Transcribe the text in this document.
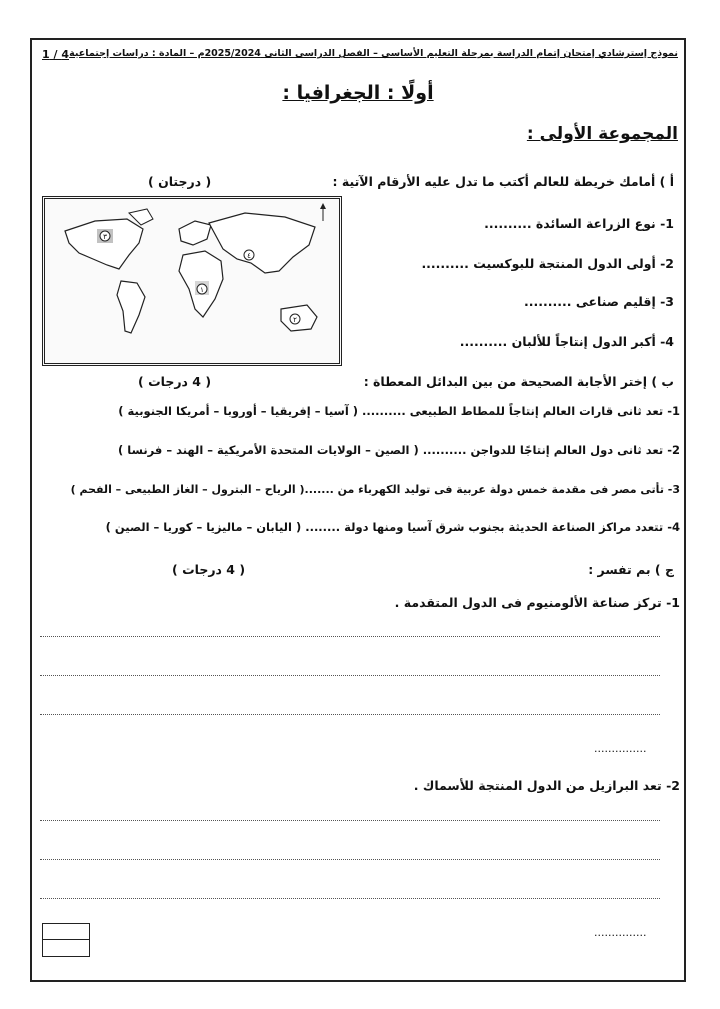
نموذج إسترشادي إمتحان إتمام الدراسة بمرحلة التعليم الأساسي – الفصل الدراسى الثانى 2025/2024م – المادة : دراسات إجتماعية
4 / 1
أولًا : الجغرافيا :
المجموعة الأولى :
أ ) أمامك خريطة للعالم أكتب ما تدل عليه الأرقام الآتية :
( درجتان )
١
٢
٣
٤
1- نوع الزراعة السائدة ..........
2- أولى الدول المنتجة للبوكسيت ..........
3- إقليم صناعى ..........
4- أكبر الدول إنتاجاً للألبان ..........
ب ) إختر الأجابة الصحيحة من بين البدائل المعطاة :
( 4 درجات )
1- تعد ثانى قارات العالم إنتاجاً للمطاط الطبيعى .......... ( آسيا – إفريقيا – أوروبا – أمريكا الجنوبية )
2- تعد ثانى دول العالم إنتاجًا للدواجن .......... ( الصين – الولايات المتحدة الأمريكية – الهند – فرنسا )
3- تأتى مصر فى مقدمة خمس دولة عربية فى توليد الكهرباء من .......( الرياح – البترول – الغاز الطبيعى – الفحم )
4- تتعدد مراكز الصناعة الحديثة بجنوب شرق آسيا ومنها دولة ........ ( اليابان – ماليزيا – كوريا – الصين )
ج ) بم تفسر :
( 4 درجات )
1- تركز صناعة الألومنيوم فى الدول المتقدمة .
...............
2- تعد البرازيل من الدول المنتجة للأسماك .
...............
